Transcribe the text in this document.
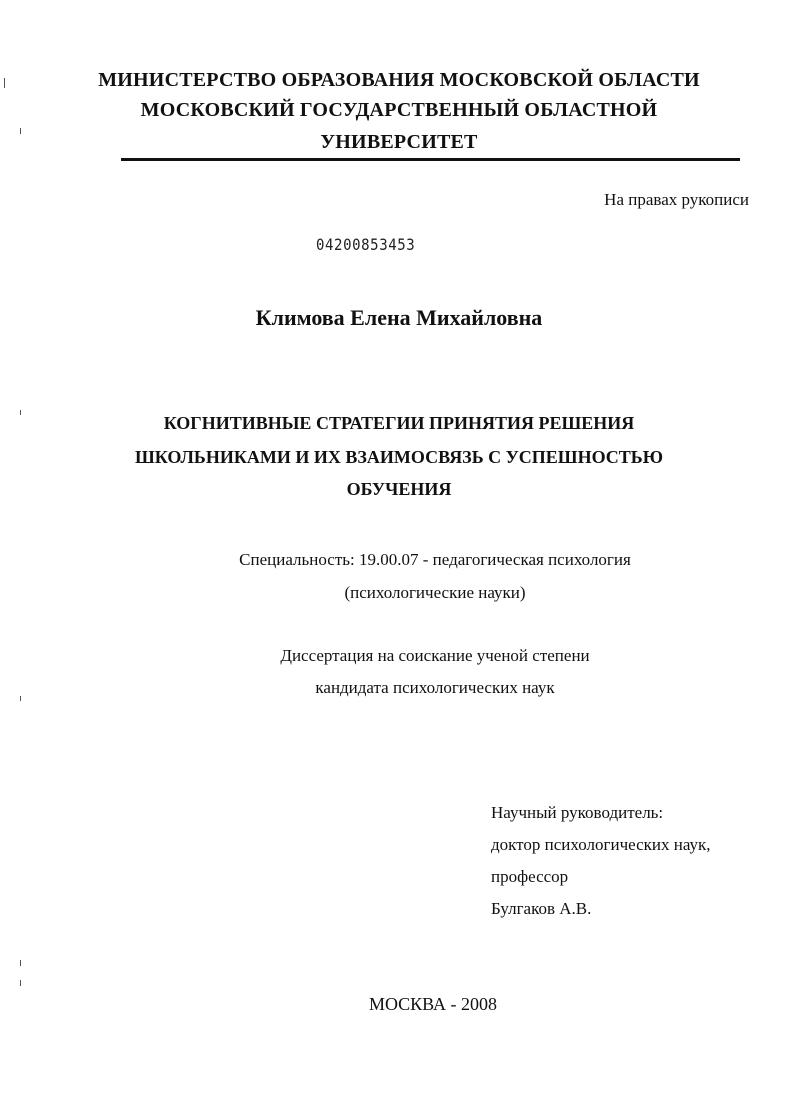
МИНИСТЕРСТВО ОБРАЗОВАНИЯ МОСКОВСКОЙ ОБЛАСТИ
МОСКОВСКИЙ ГОСУДАРСТВЕННЫЙ ОБЛАСТНОЙ
УНИВЕРСИТЕТ
На правах рукописи
04200853453
Климова Елена Михайловна
КОГНИТИВНЫЕ СТРАТЕГИИ ПРИНЯТИЯ РЕШЕНИЯ
ШКОЛЬНИКАМИ И ИХ ВЗАИМОСВЯЗЬ С УСПЕШНОСТЬЮ
ОБУЧЕНИЯ
Специальность: 19.00.07 - педагогическая психология
(психологические науки)
Диссертация на соискание ученой степени
кандидата психологических наук
Научный руководитель:
доктор психологических наук,
профессор
Булгаков А.В.
МОСКВА - 2008
